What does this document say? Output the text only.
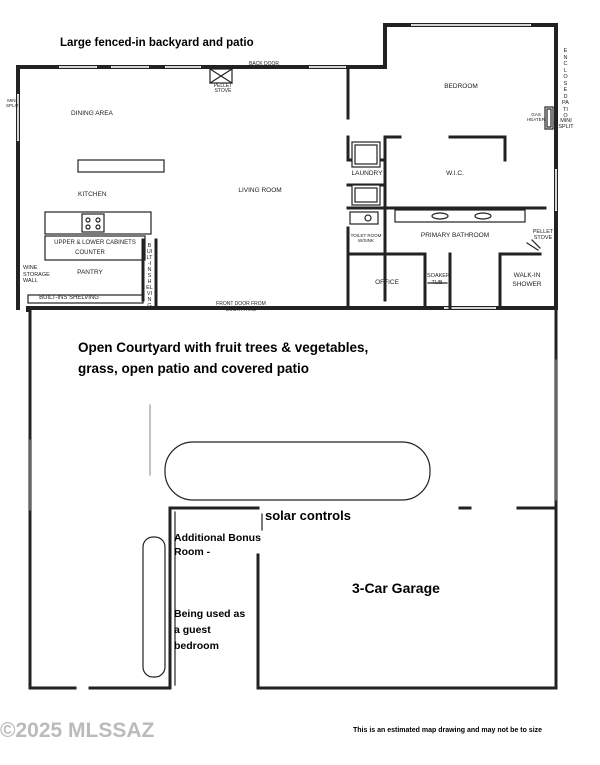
Large fenced-in backyard and patio
BACK DOOR
PELLET STOVE
BEDROOM
ENCLOSED PATIO
GAS HEATER	MINI SPLIT
MINI SPLIT
DINING AREA
KITCHEN
LIVING ROOM
LAUNDRY	W.I.C.
TOILET ROOM W/SINK
PRIMARY BATHROOM	PELLET STOVE
UPPER & LOWER CABINETS
COUNTER
BUILT-IN SHELVING
PANTRY
WINE STORAGE WALL
BUILT-INS SHELVING
OFFICE
SOAKER TUB
WALK-IN SHOWER
FRONT DOOR FROM COURTYARD
Open Courtyard with fruit trees & vegetables,
grass, open patio and covered patio
solar controls
Additional Bonus Room -
.
Being used as a guest bedroom
3-Car Garage
©2025 MLSSAZ	This is an estimated map drawing and may not be to size
